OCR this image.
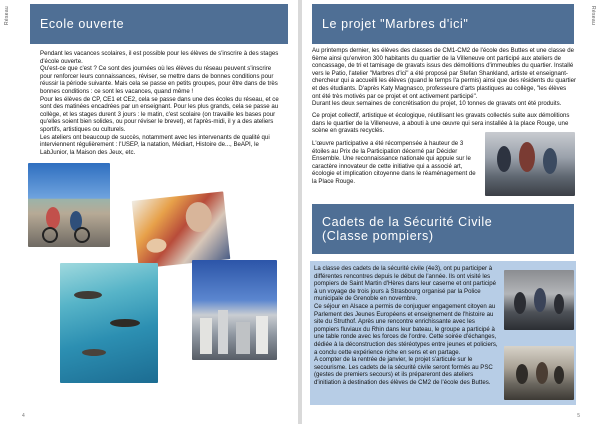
Réseau Ecole ouverte

Pendant les vacances scolaires, il est possible pour les élèves de s'inscrire à des stages d'école ouverte.

Qu'est-ce que c'est ? Ce sont des journées où les élèves du réseau peuvent s'inscrire pour renforcer leurs connaissances, réviser, se mettre dans de bonnes conditions pour réussir la période suivante. Mais cela se passe en petits groupes, pour être dans de très bonnes conditions : ce sont les vacances, quand même !

Pour les élèves de CP, CE1 et CE2, cela se passe dans une des écoles du réseau, et ce sont des matinées encadrées par un enseignant. Pour les plus grands, cela se passe au collège, et les stages durent 3 jours : le matin, c'est scolaire (on travaille les bases pour qu'elles soient bien solides, ou pour réviser le brevet), et l'après-midi, il y a des ateliers sportifs, artistiques ou culturels.

Les ateliers ont beaucoup de succès, notamment avec les intervenants de qualité qui interviennent régulièrement : l'USEP, la natation, Médiart, Histoire de..., BeAPI, le LabJunior, la Maison des Jeux, etc.

4
Réseau
Le projet "Marbres d'ici"

Au printemps dernier, les élèves des classes de CM1-CM2 de l'école des Buttes et une classe de 6ème ainsi qu'environ 300 habitants du quartier de la Villeneuve ont participé aux ateliers de concassage, de tri et tamisage de gravats issus des démolitions d'immeubles du quartier. Installé vers le Patio, l'atelier "Marbres d'ici" a été proposé par Stefan Shankland, artiste et enseignant-chercheur qui a accueilli les élèves (quand le temps l'a permis) ainsi que des résidents du quartier et des étudiants. D'après Katy Magnasco, professeure d'arts plastiques au collège, "les élèves ont été très motivés par ce projet et ont activement participé".

Durant les deux semaines de concrétisation du projet, 10 tonnes de gravats ont été produits.

Ce projet collectif, artistique et écologique, réutilisant les gravats collectés suite aux démolitions dans le quartier de la Villeneuve, a abouti à une œuvre qui sera installée à la place Rouge, une scène en gravats recyclés.

L'œuvre participative a été récompensée à hauteur de 3 étoiles au Prix de la Participation décerné par Décider Ensemble. Une reconnaissance nationale qui appuie sur le caractère innovateur de cette initiative qui a associé art, écologie et implication citoyenne dans le réaménagement de la Place Rouge.

Cadets de la Sécurité Civile
(Classe pompiers)

La classe des cadets de la sécurité civile (4e3), ont pu participer à différentes rencontres depuis le début de l'année. Ils ont visité les pompiers de Saint Martin d'Hères dans leur caserne et ont participé à un voyage de trois jours à Strasbourg organisé par la Police municipale de Grenoble en novembre.

Ce séjour en Alsace a permis de conjuguer engagement citoyen au Parlement des Jeunes Européens et enseignement de l'histoire au site du Struthof. Après une rencontre enrichissante avec les pompiers fluviaux du Rhin dans leur bateau, le groupe a participé à une table ronde avec les forces de l'ordre. Cette soirée d'échanges, dédiée à la déconstruction des stéréotypes entre jeunes et policiers, a conclu cette expérience riche en sens et en partage.

A compter de la rentrée de janvier, le projet s'articule sur le secourisme. Les cadets de la sécurité civile seront formés au PSC (gestes de premiers secours) et ils prépareront des ateliers d'initiation à destination des élèves de CM2 de l'école des Buttes.

5
